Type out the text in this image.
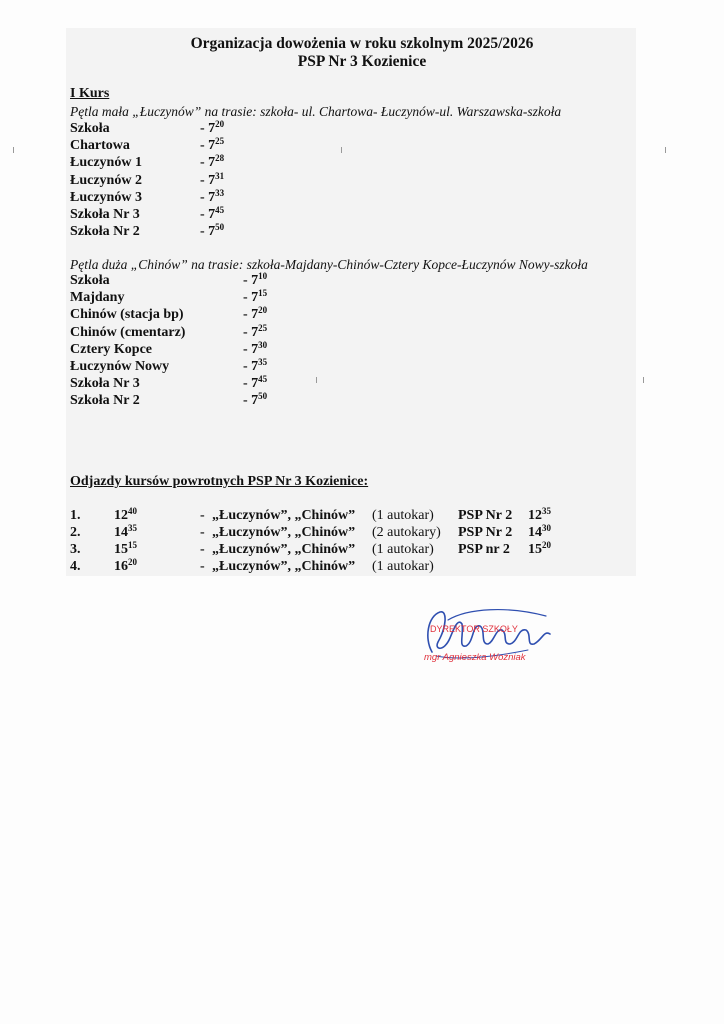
Organizacja dowożenia w roku szkolnym 2025/2026
PSP Nr 3 Kozienice
I Kurs
Pętla mała „Łuczynów” na trasie: szkoła- ul. Chartowa- Łuczynów-ul. Warszawska-szkoła
Szkoła	- $7^{20}$
Chartowa	- $7^{25}$
Łuczynów 1	- $7^{28}$
Łuczynów 2	- $7^{31}$
Łuczynów 3	- $7^{33}$
Szkoła Nr 3	- $7^{45}$
Szkoła Nr 2	- $7^{50}$
Pętla duża „Chinów” na trasie: szkoła-Majdany-Chinów-Cztery Kopce-Łuczynów Nowy-szkoła
Szkoła	- $7^{10}$
Majdany	- $7^{15}$
Chinów (stacja bp)	- $7^{20}$
Chinów (cmentarz)	- $7^{25}$
Cztery Kopce	- $7^{30}$
Łuczynów Nowy	- $7^{35}$
Szkoła Nr 3	- $7^{45}$
Szkoła Nr 2	- $7^{50}$
Odjazdy kursów powrotnych PSP Nr 3 Kozienice:
1. $12^{40}$	- „Łuczynów”, „Chinów” (1 autokar) PSP Nr 2 $12^{35}$
2. $14^{35}$	- „Łuczynów”, „Chinów” (2 autokary) PSP Nr 2 $14^{30}$
3. $15^{15}$	- „Łuczynów”, „Chinów” (1 autokar) PSP nr 2 $15^{20}$
4. $16^{20}$	- „Łuczynów”, „Chinów” (1 autokar)
DYREKTOR SZKOŁY
mgr Agnieszka Woźniak
